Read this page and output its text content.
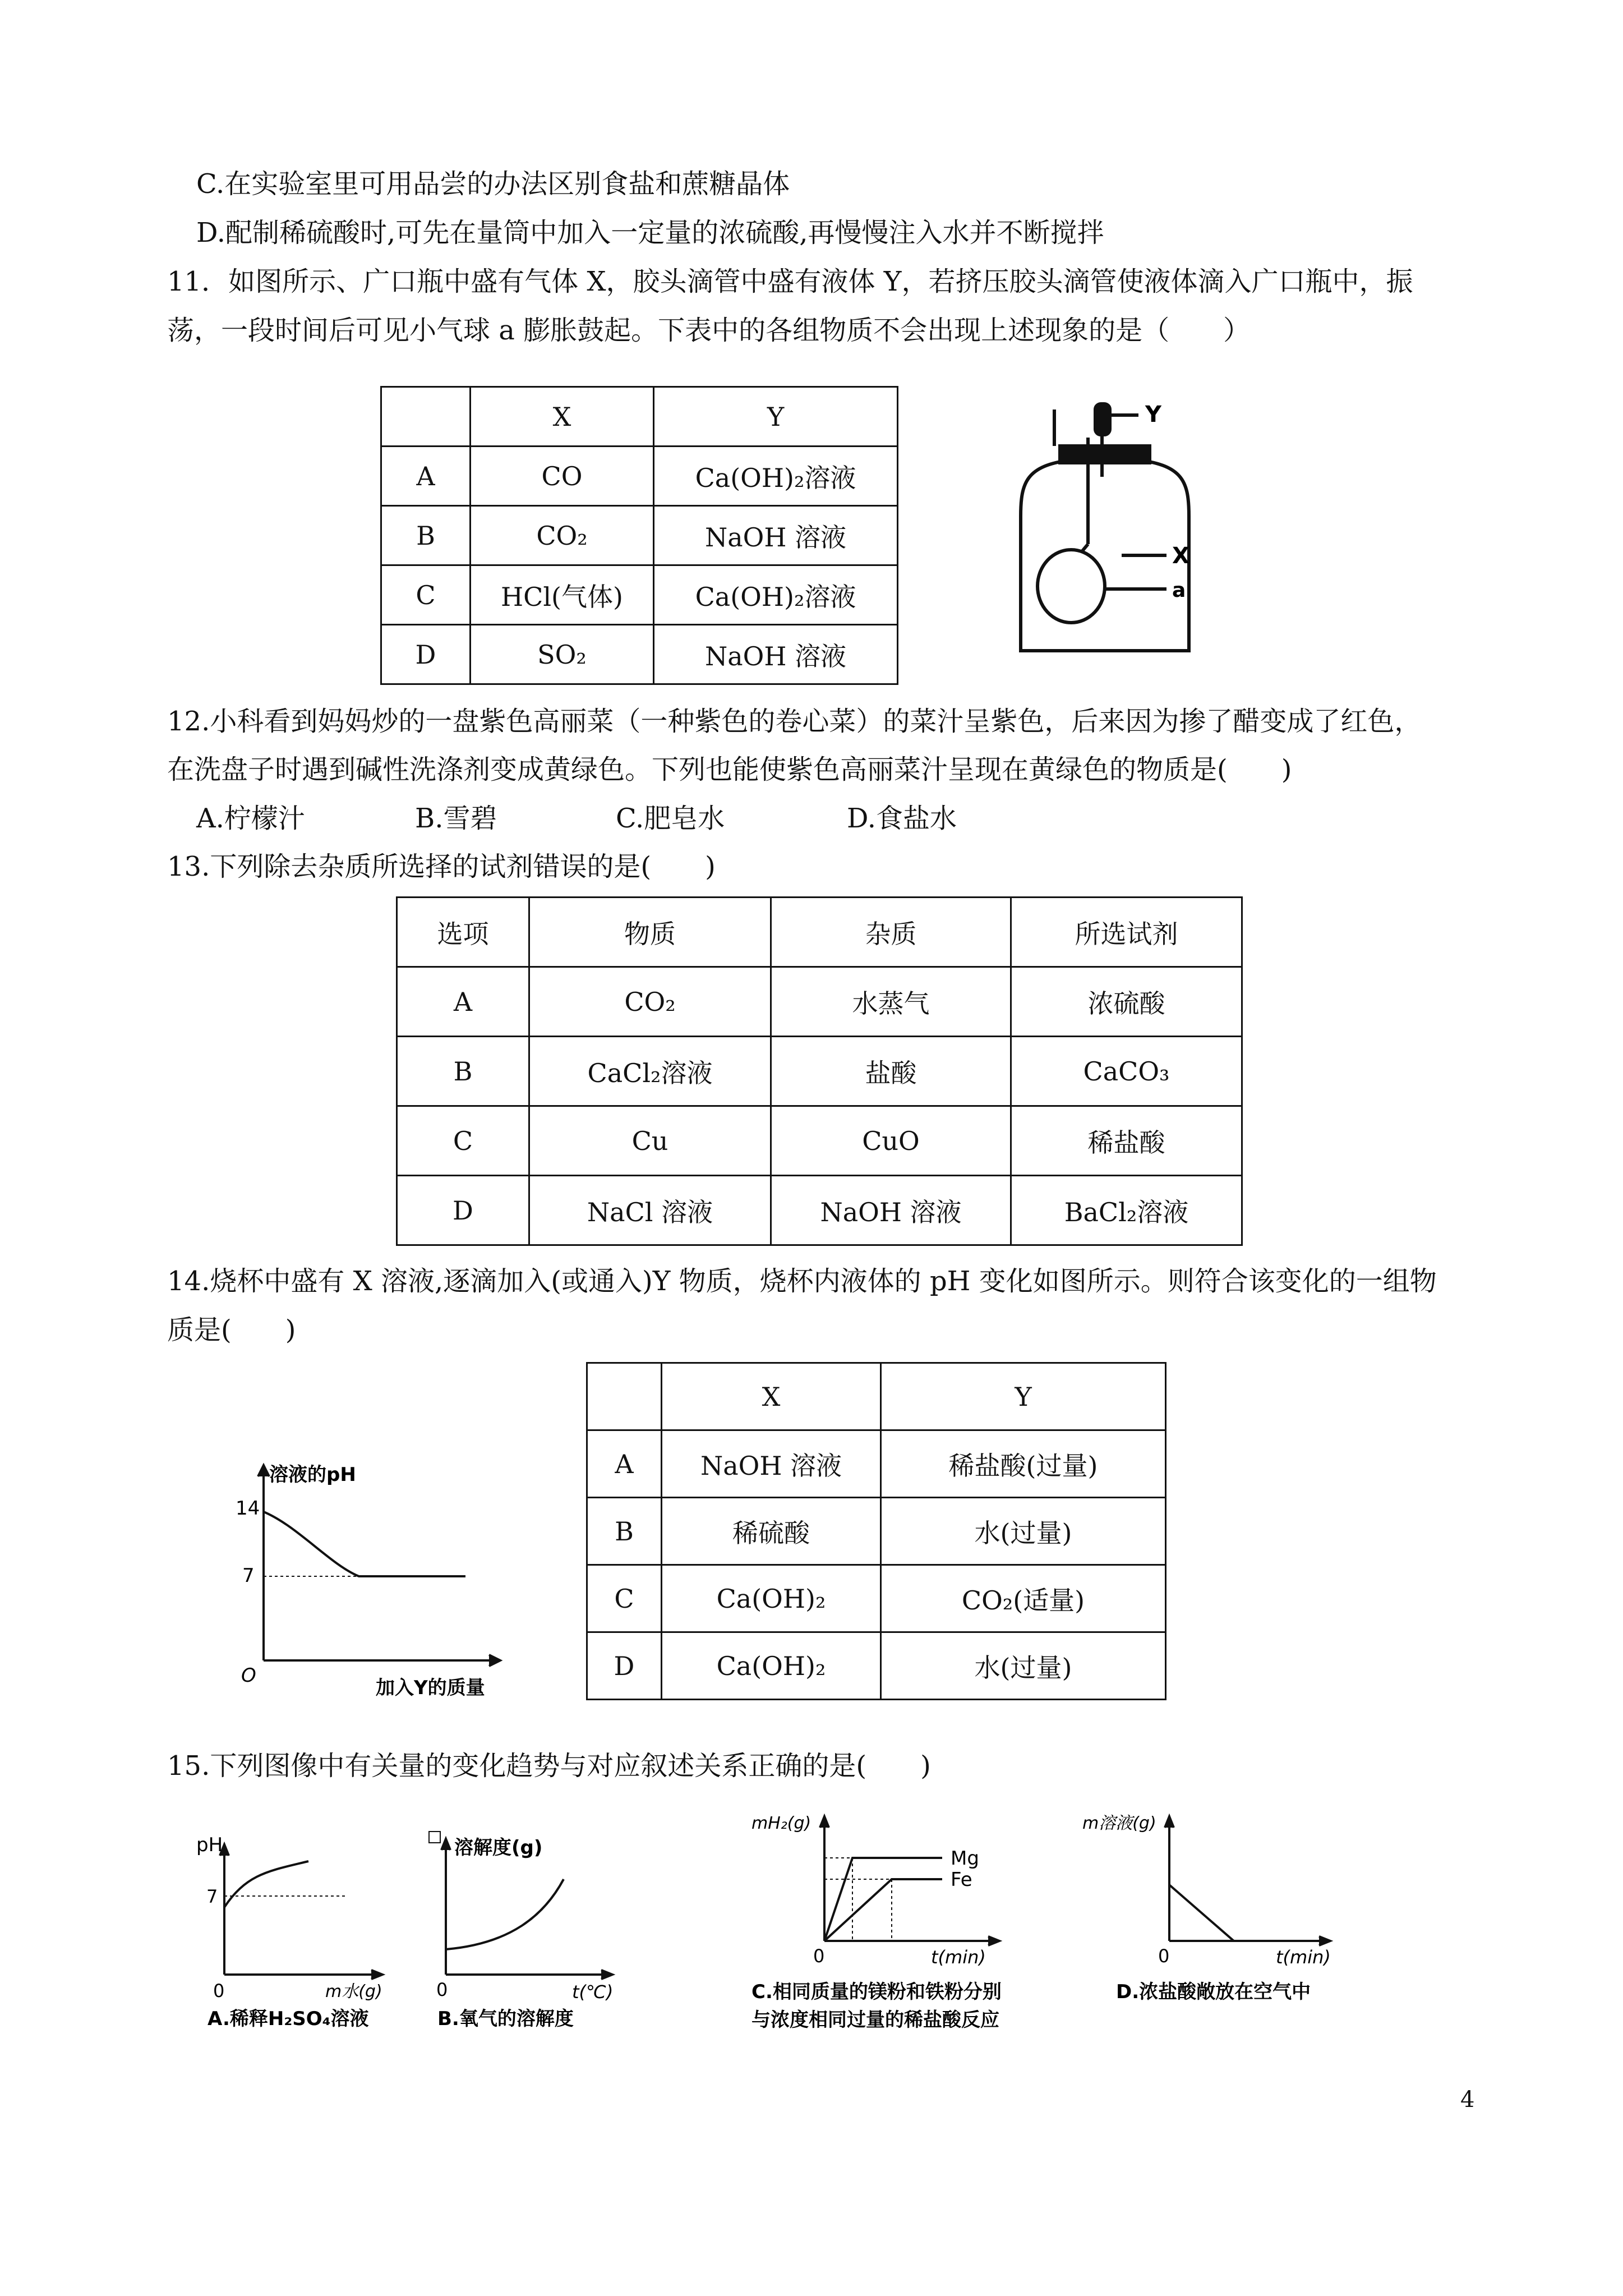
C.在实验室里可用品尝的办法区别食盐和蔗糖晶体
D.配制稀硫酸时,可先在量筒中加入一定量的浓硫酸,再慢慢注入水并不断搅拌
11．如图所示、广口瓶中盛有气体 X，胶头滴管中盛有液体 Y，若挤压胶头滴管使液体滴入广口瓶中，振
荡，一段时间后可见小气球 a 膨胀鼓起。下表中的各组物质不会出现上述现象的是（　　）
	X	Y
A	CO	Ca(OH)₂溶液
B	CO₂	NaOH 溶液
C	HCl(气体)	Ca(OH)₂溶液
D	SO₂	NaOH 溶液
Y
X
a
12.小科看到妈妈炒的一盘紫色高丽菜（一种紫色的卷心菜）的菜汁呈紫色，后来因为掺了醋变成了红色，
在洗盘子时遇到碱性洗涤剂变成黄绿色。下列也能使紫色高丽菜汁呈现在黄绿色的物质是(　　)
A.柠檬汁	B.雪碧	C.肥皂水	D.食盐水
13.下列除去杂质所选择的试剂错误的是(　　)
选项	物质	杂质	所选试剂
A	CO₂	水蒸气	浓硫酸
B	CaCl₂溶液	盐酸	CaCO₃
C	Cu	CuO	稀盐酸
D	NaCl 溶液	NaOH 溶液	BaCl₂溶液
14.烧杯中盛有 X 溶液,逐滴加入(或通入)Y 物质，烧杯内液体的 pH 变化如图所示。则符合该变化的一组物
质是(　　)
溶液的pH
14
7
O
加入Y的质量
	X	Y
A	NaOH 溶液	稀盐酸(过量)
B	稀硫酸	水(过量)
C	Ca(OH)₂	CO₂(适量)
D	Ca(OH)₂	水(过量)
15.下列图像中有关量的变化趋势与对应叙述关系正确的是(　　)
pH
7
0	m水(g)
A.稀释H₂SO₄溶液
溶解度(g)
0	t(℃)
B.氧气的溶解度
mH₂(g)
Mg
Fe
0	t(min)
C.相同质量的镁粉和铁粉分别
与浓度相同过量的稀盐酸反应
m溶液(g)
0	t(min)
D.浓盐酸敞放在空气中
4
